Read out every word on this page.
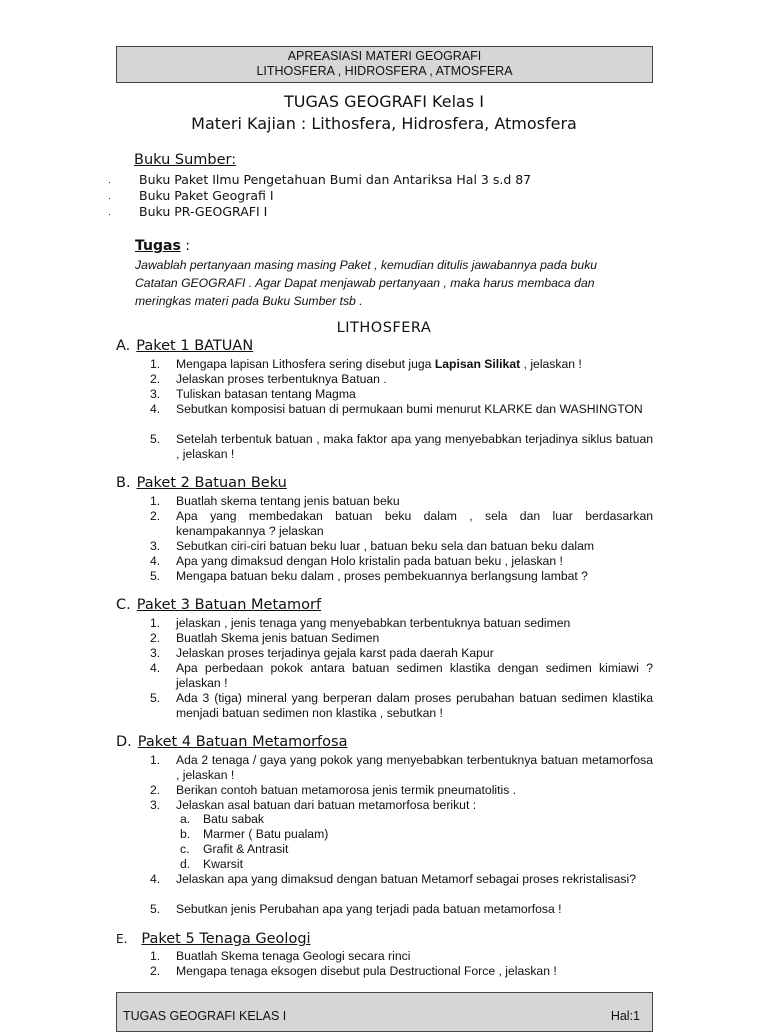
APREASIASI MATERI GEOGRAFI
LITHOSFERA , HIDROSFERA , ATMOSFERA
TUGAS GEOGRAFI Kelas I
Materi Kajian : Lithosfera, Hidrosfera, Atmosfera
Buku Sumber:
·
·
·
Buku Paket Ilmu Pengetahuan Bumi dan Antariksa Hal 3 s.d 87
Buku Paket Geografi I
Buku PR-GEOGRAFI I
Tugas :
Jawablah pertanyaan masing masing Paket , kemudian ditulis jawabannya pada buku
Catatan GEOGRAFI . Agar Dapat menjawab pertanyaan , maka harus membaca dan
meringkas materi pada Buku Sumber tsb .
LITHOSFERA
A. Paket 1 BATUAN
1. Mengapa lapisan Lithosfera sering disebut juga Lapisan Silikat , jelaskan !
2. Jelaskan proses terbentuknya Batuan .
3. Tuliskan batasan tentang Magma
4. Sebutkan komposisi batuan di permukaan bumi menurut KLARKE dan WASHINGTON
5. Setelah terbentuk batuan , maka faktor apa yang menyebabkan terjadinya siklus batuan , jelaskan !
B. Paket 2 Batuan Beku
1. Buatlah skema tentang jenis batuan beku
2. Apa yang membedakan batuan beku dalam , sela dan luar berdasarkan kenampakannya ? jelaskan
3. Sebutkan ciri-ciri batuan beku luar , batuan beku sela dan batuan beku dalam
4. Apa yang dimaksud dengan Holo kristalin pada batuan beku , jelaskan !
5. Mengapa batuan beku dalam , proses pembekuannya berlangsung lambat ?
C. Paket 3 Batuan Metamorf
1. jelaskan , jenis tenaga yang menyebabkan terbentuknya batuan sedimen
2. Buatlah Skema jenis batuan Sedimen
3. Jelaskan proses terjadinya gejala karst pada daerah Kapur
4. Apa perbedaan pokok antara batuan sedimen klastika dengan sedimen kimiawi ? jelaskan !
5. Ada 3 (tiga) mineral yang berperan dalam proses perubahan batuan sedimen klastika menjadi batuan sedimen non klastika , sebutkan !
D. Paket 4 Batuan Metamorfosa
1. Ada 2 tenaga / gaya yang pokok yang menyebabkan terbentuknya batuan metamorfosa , jelaskan !
2. Berikan contoh batuan metamorosa jenis termik pneumatolitis .
3. Jelaskan asal batuan dari batuan metamorfosa berikut :
a. Batu sabak
b. Marmer ( Batu pualam)
c. Grafit & Antrasit
d. Kwarsit
4. Jelaskan apa yang dimaksud dengan batuan Metamorf sebagai proses rekristalisasi?
5. Sebutkan jenis Perubahan apa yang terjadi pada batuan metamorfosa !
E. Paket 5 Tenaga Geologi
1. Buatlah Skema tenaga Geologi secara rinci
2. Mengapa tenaga eksogen disebut pula Destructional Force , jelaskan !
TUGAS GEOGRAFI KELAS I	Hal:1
